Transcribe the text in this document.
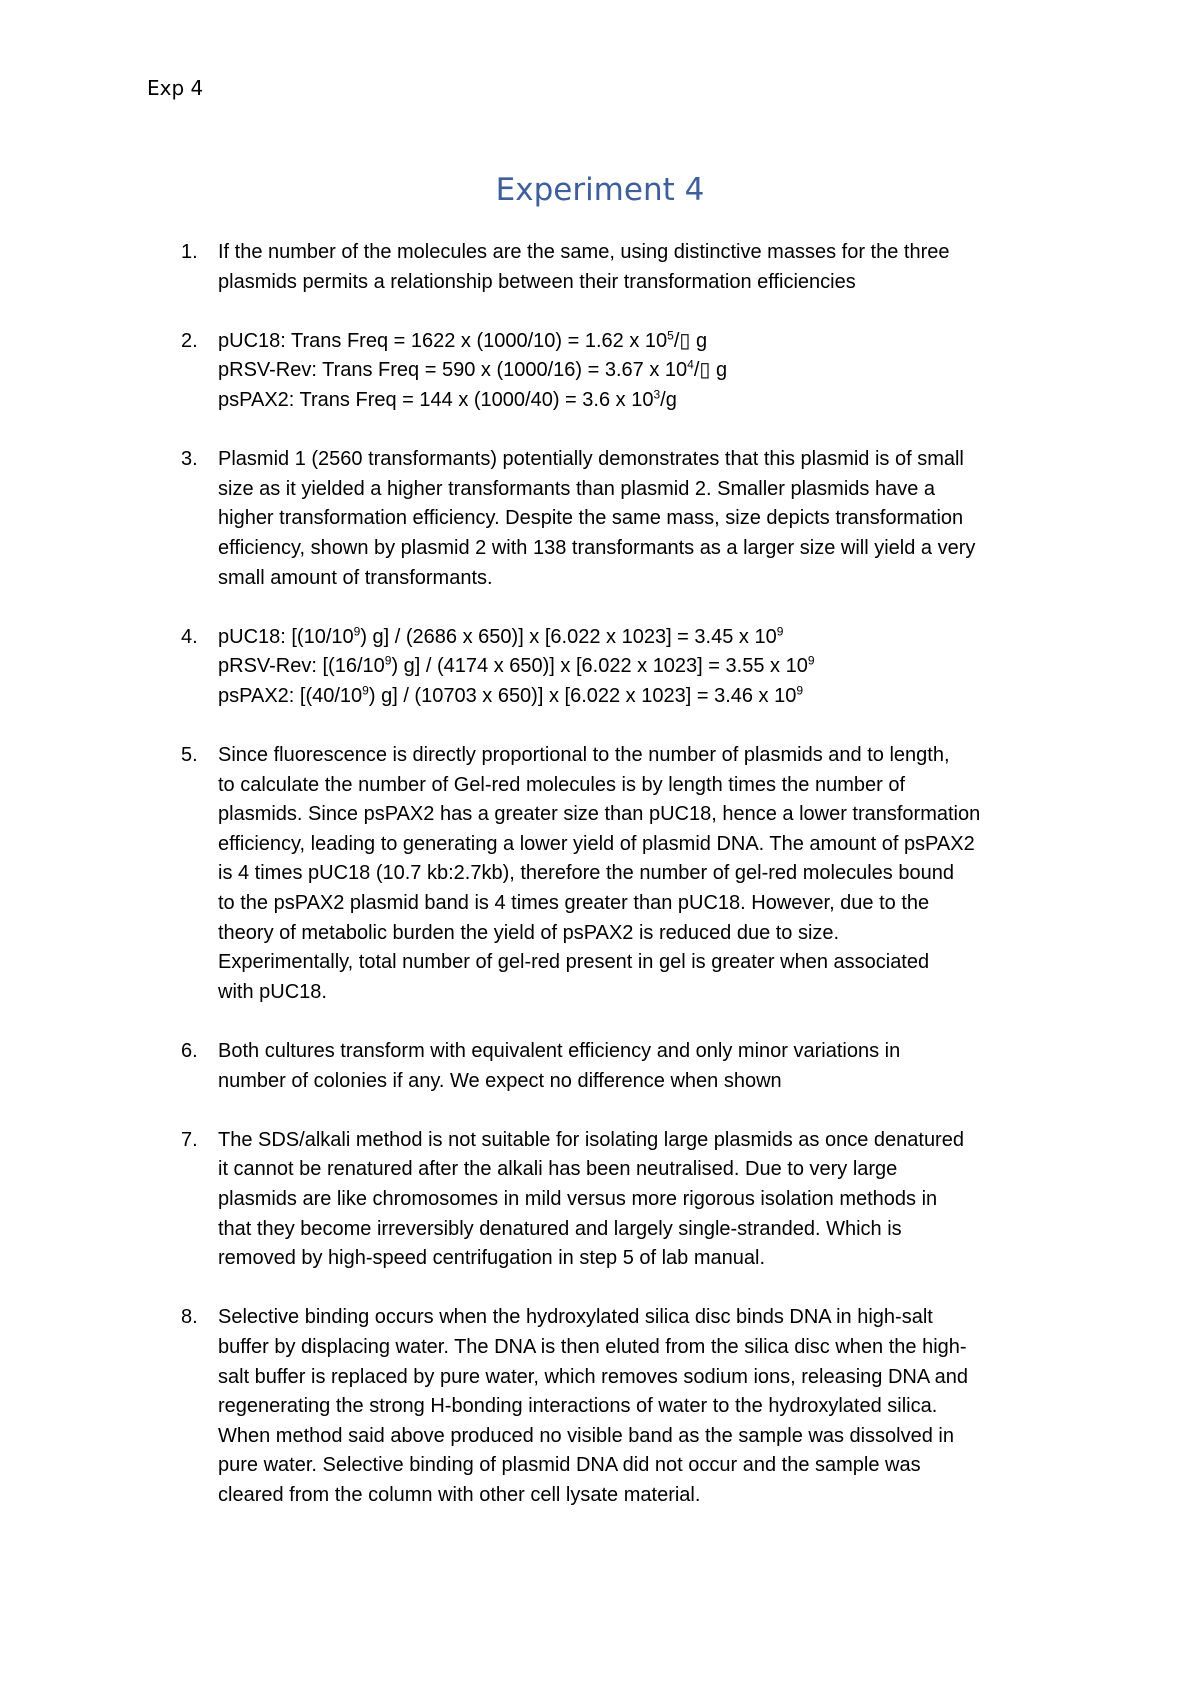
Exp 4
Experiment 4
1. If the number of the molecules are the same, using distinctive masses for the three
plasmids permits a relationship between their transformation efficiencies
2. pUC18: Trans Freq = 1622 x (1000/10) = 1.62 x $10^5/▯$ g
pRSV-Rev: Trans Freq = 590 x (1000/16) = 3.67 x $10^4/▯$ g
psPAX2: Trans Freq = 144 x (1000/40) = 3.6 x $10^3/g$
3. Plasmid 1 (2560 transformants) potentially demonstrates that this plasmid is of small
size as it yielded a higher transformants than plasmid 2. Smaller plasmids have a
higher transformation efficiency. Despite the same mass, size depicts transformation
efficiency, shown by plasmid 2 with 138 transformants as a larger size will yield a very
small amount of transformants.
4. pUC18: [$(10/10^9)$ g] / (2686 x 650)] x [6.022 x 1023] = 3.45 x $10^9$
pRSV-Rev: [$(16/10^9)$ g] / (4174 x 650)] x [6.022 x 1023] = 3.55 x $10^9$
psPAX2: [$(40/10^9)$ g] / (10703 x 650)] x [6.022 x 1023] = 3.46 x $10^9$
5. Since fluorescence is directly proportional to the number of plasmids and to length,
to calculate the number of Gel-red molecules is by length times the number of
plasmids. Since psPAX2 has a greater size than pUC18, hence a lower transformation
efficiency, leading to generating a lower yield of plasmid DNA. The amount of psPAX2
is 4 times pUC18 (10.7 kb:2.7kb), therefore the number of gel-red molecules bound
to the psPAX2 plasmid band is 4 times greater than pUC18. However, due to the
theory of metabolic burden the yield of psPAX2 is reduced due to size.
Experimentally, total number of gel-red present in gel is greater when associated
with pUC18.
6. Both cultures transform with equivalent efficiency and only minor variations in
number of colonies if any. We expect no difference when shown
7. The SDS/alkali method is not suitable for isolating large plasmids as once denatured
it cannot be renatured after the alkali has been neutralised. Due to very large
plasmids are like chromosomes in mild versus more rigorous isolation methods in
that they become irreversibly denatured and largely single-stranded. Which is
removed by high-speed centrifugation in step 5 of lab manual.
8. Selective binding occurs when the hydroxylated silica disc binds DNA in high-salt
buffer by displacing water. The DNA is then eluted from the silica disc when the high-
salt buffer is replaced by pure water, which removes sodium ions, releasing DNA and
regenerating the strong H-bonding interactions of water to the hydroxylated silica.
When method said above produced no visible band as the sample was dissolved in
pure water. Selective binding of plasmid DNA did not occur and the sample was
cleared from the column with other cell lysate material.
